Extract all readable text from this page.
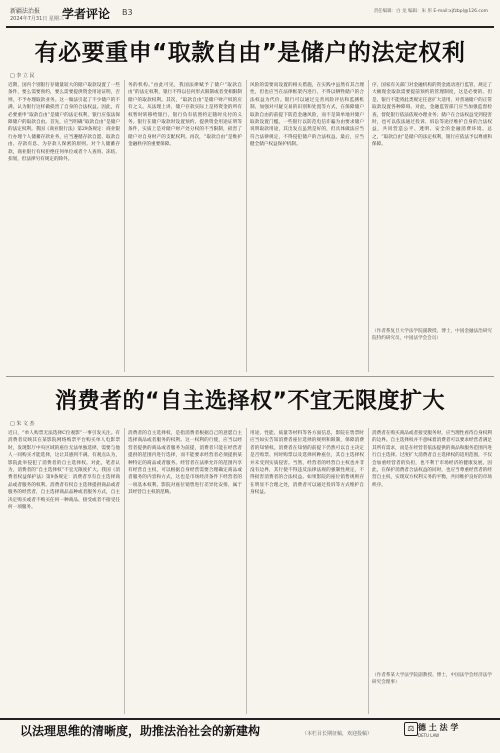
新疆法治报
2024年7月31日 星期三
学者评论 B3	责任编辑：白 龙 编辑：朱 彤 E-mail:xjfzbpl@126.com
有必要重申“取款自由”是储户的法定权利
□ 李 立 民
近期，国内个别银行存储量较大的储户取款设置了一些条件，要么需要预约，要么需要提供资金用途证明，否则，不予办理取款业务。这一做法引起了不少储户的不满，认为银行这样做损害了自身的合法权益。因此，有必要重申“取款自由”是储户的法定权利，银行应依法保障储户的取款自由。首先，应当明确“取款自由”是储户的法定权利。我国《商业银行法》第29条规定：商业银行办理个人储蓄存款业务，应当遵循存款自愿、取款自由、存款有息、为存款人保密的原则。对个人储蓄存款，商业银行有权拒绝任何单位或者个人查询、冻结、扣划，但法律另有规定的除外。
务的机构。”由此可见，我国法律赋予了储户“取款自由”的法定权利，银行不得以任何形式限制或者变相限制储户的取款权利。其次，“取款自由”是储户财产权的应有之义。从法理上讲，储户存款实际上是将资金的所有权暂时转移给银行，银行负有依照约定随时兑付的义务。银行在储户取款时设置预约、提供资金用途证明等条件，实质上是对储户财产处分权的不当限制，损害了储户对自身财产的支配权利。再次，“取款自由”是维护金融秩序的重要保障。
风险的需要而设置的相关措施，在实践中虽然有其合理性，但也应当在法律框架内进行，不得以牺牲储户的合法权益为代价。银行可以通过完善风险评估和监测机制、加强对可疑交易的识别和处置等方式，在保障储户取款自由的前提下防范金融风险，而不是简单地对储户取款设置门槛。一些银行以防范电信诈骗为由要求储户说明取款用途，其出发点虽然是好的，但具体做法应当符合法律规定，不得侵犯储户的合法权益。最后，应当健全储户权益保护机制。
序，国家有关部门对金融机构的资金流动进行监管，规定了大额现金取款需要提前预约的管理制度，这是必要的。但是，银行不能将此类规定任意扩大适用，对普通储户的正常取款设置各种障碍。对此，金融监管部门应当加强监督检查，督促银行依法依规办理业务；储户在合法权益受到侵害时，也可以依法通过投诉、诉讼等途径维护自身的合法权益，共同营造公平、透明、安全的金融消费环境。总之，“取款自由”是储户的法定权利，银行应依法予以尊重和保障。
（作者系复旦大学法学院副教授、博士，中国金融法治研究院特约研究员，中国法学会会员）
消费者的“自主选择权”不宜无限度扩大
□ 朱 文 杰
近日，“单人购票无法选择C位观影”一事引发关注。有消费者反映其在某影院网络购票平台购买单人电影票时，发现影厅中央区域的座位无法单独选择，需要与他人一同购买才能选择，这让其感到不满。有观点认为，影院此举侵犯了消费者的自主选择权。对此，笔者认为，消费者的“自主选择权”不宜无限度扩大。我国《消费者权益保护法》第9条规定：消费者享有自主选择商品或者服务的权利。消费者有权自主选择提供商品或者服务的经营者，自主选择商品品种或者服务方式，自主决定购买或者不购买任何一种商品、接受或者不接受任何一项服务。
消费者的自主选择权，是指消费者根据自己的意愿自主选择商品或者服务的权利。这一权利的行使，应当以经营者提供的商品或者服务为前提，消费者只能在经营者提供的范围内进行选择，而不能要求经营者必须提供某种特定的商品或者服务。经营者在法律允许的范围内享有经营自主权，可以根据自身经营需要合理确定商品或者服务的内容和方式，这也是市场经济条件下经营者的一项基本权利。影院对座位销售进行差异化安排，属于其经营自主权的范畴。
用途、性能、质量等材料等各方面信息，影院在售票时应当如实告知消费者座位选择的规则和限制，保障消费者的知情权。消费者在知情的前提下仍然可以自主决定是否购票、何时购票以及选择何种座位，其自主选择权并未受到实质侵害。当然，经营者的经营自主权也并非没有边界，其行使不得违反法律法规的强制性规定，不得损害消费者的合法权益。如果影院的座位销售规则存在明显不合理之处，消费者可以通过投诉等方式维护自身权益。
消费者在购买商品或者接受服务时，应当理性看待自身权利的边界。自主选择权并不意味着消费者可以要求经营者满足其所有需求，而是在经营者依法提供的商品和服务范围内进行自主选择。过度扩大消费者自主选择权的适用范围，不仅会加重经营者的负担，也不利于市场经济的健康发展。因此，在保护消费者合法权益的同时，也应当尊重经营者的经营自主权，实现双方权利义务的平衡，共同维护良好的市场秩序。
（作者系某大学法学院副教授、博士，中国法学会经济法学研究会理事）
以法理思维的清晰度，助推法治社会的新建构	（本栏目长期征稿，欢迎投稿）
⚖ 德 土 法 学
DETU LAW
